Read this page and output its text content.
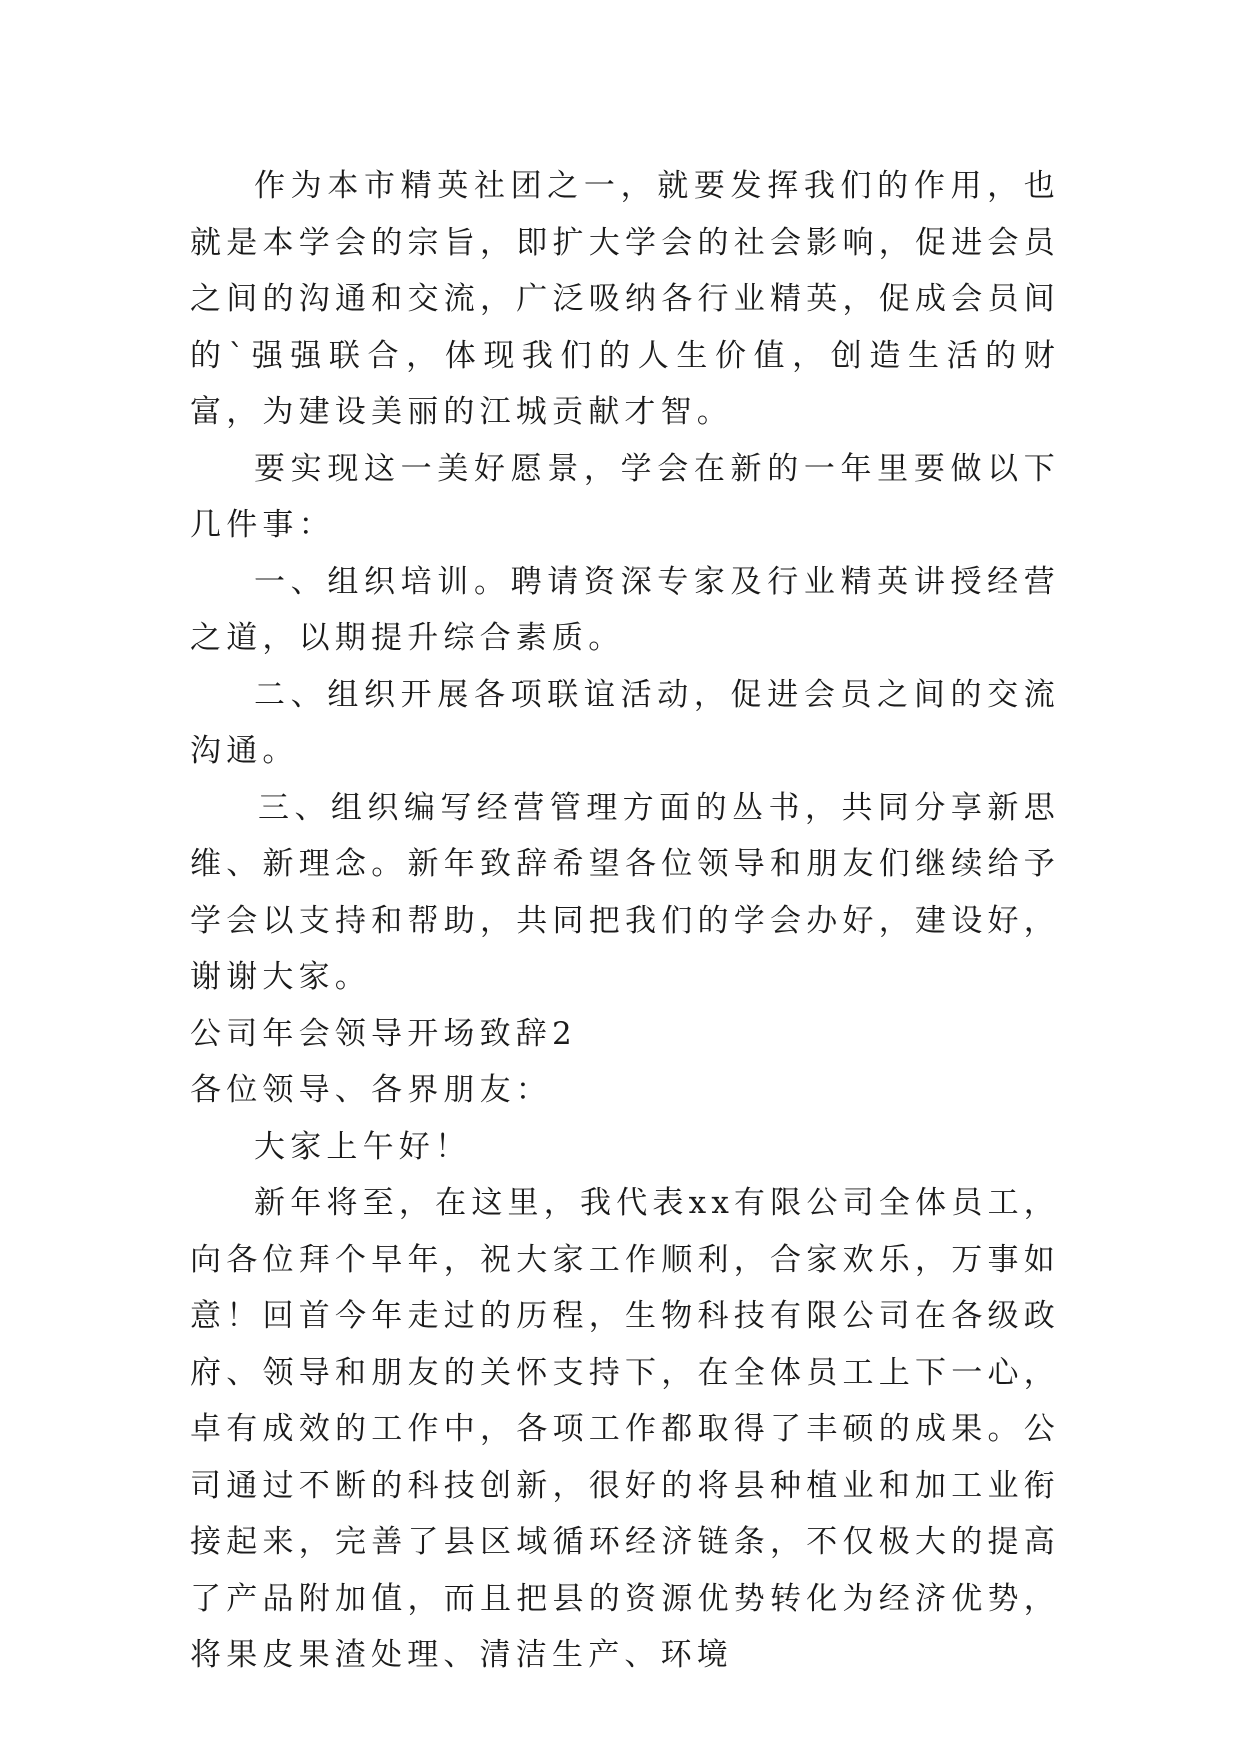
作为本市精英社团之一，就要发挥我们的作用，也就是本学会的宗旨，即扩大学会的社会影响，促进会员之间的沟通和交流，广泛吸纳各行业精英，促成会员间的`强强联合，体现我们的人生价值，创造生活的财富，为建设美丽的江城贡献才智。

要实现这一美好愿景，学会在新的一年里要做以下几件事：

一、组织培训。聘请资深专家及行业精英讲授经营之道，以期提升综合素质。

二、组织开展各项联谊活动，促进会员之间的交流沟通。

三、组织编写经营管理方面的丛书，共同分享新思维、新理念。新年致辞希望各位领导和朋友们继续给予学会以支持和帮助，共同把我们的学会办好，建设好，谢谢大家。

公司年会领导开场致辞2

各位领导、各界朋友：

大家上午好！

新年将至，在这里，我代表xx有限公司全体员工，向各位拜个早年，祝大家工作顺利，合家欢乐，万事如意！回首今年走过的历程，生物科技有限公司在各级政府、领导和朋友的关怀支持下，在全体员工上下一心，卓有成效的工作中，各项工作都取得了丰硕的成果。公司通过不断的科技创新，很好的将县种植业和加工业衔接起来，完善了县区域循环经济链条，不仅极大的提高了产品附加值，而且把县的资源优势转化为经济优势，将果皮果渣处理、清洁生产、环境
